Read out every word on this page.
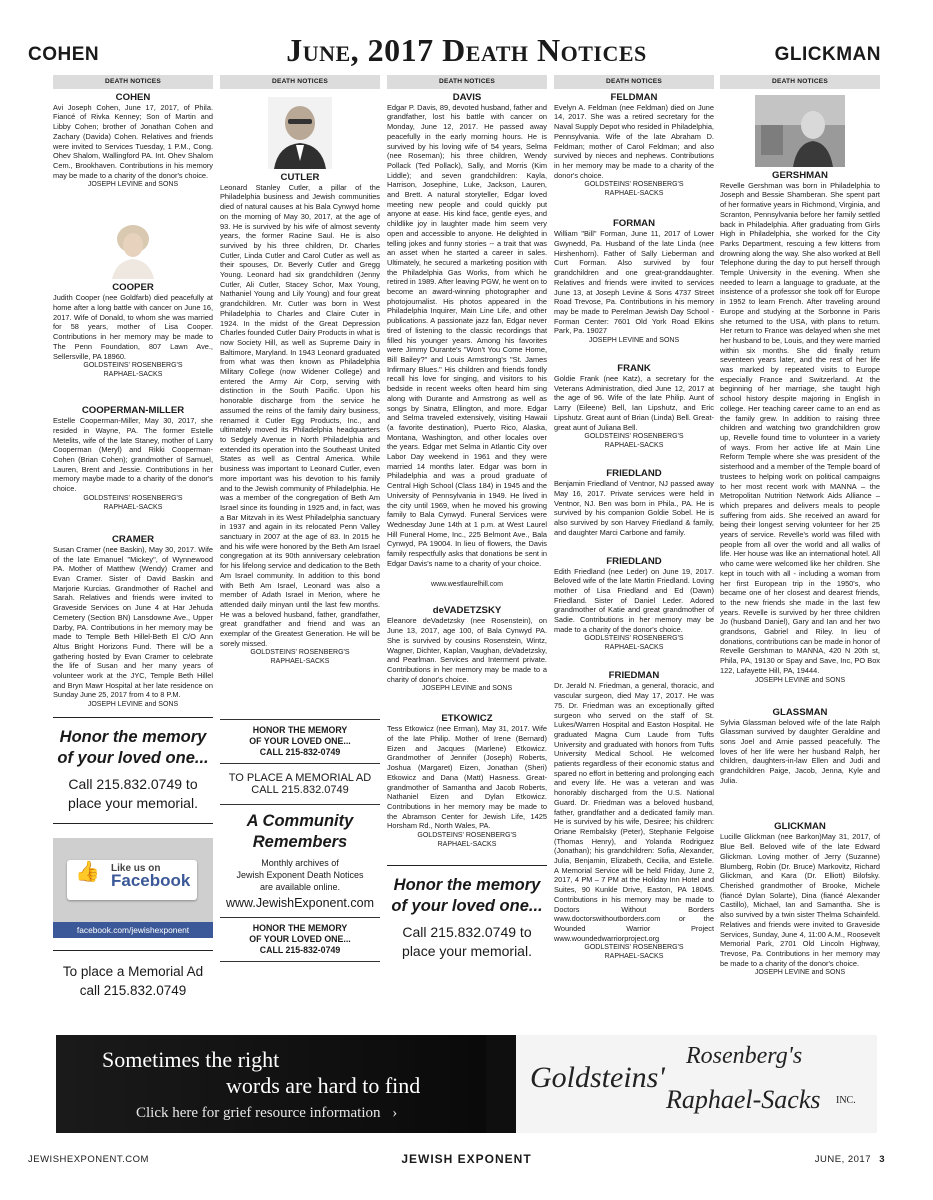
COHEN	June, 2017 Death Notices	GLICKMAN
DEATH NOTICES
COHEN
Avi Joseph Cohen, June 17, 2017, of Phila. Fiancé of Rivka Kenney; Son of Martin and Libby Cohen; brother of Jonathan Cohen and Zachary (Davida) Cohen. Relatives and friends were invited to Services Tuesday, 1 P.M., Cong. Ohev Shalom, Wallingford PA. Int. Ohev Shalom Cem., Brookhaven. Contributions in his memory may be made to a charity of the donor's choice.
JOSEPH LEVINE and SONS
COOPER
Judith Cooper (nee Goldfarb) died peacefully at home after a long battle with cancer on June 16, 2017. Wife of Donald, to whom she was married for 58 years, mother of Lisa Cooper. Contributions in her memory may be made to The Penn Foundation, 807 Lawn Ave., Sellersville, PA 18960.
GOLDSTEINS' ROSENBERG'S
RAPHAEL-SACKS
COOPERMAN-MILLER
Estelle Cooperman-Miller, May 30, 2017, she resided in Wayne, PA. The former Estelle Metelits, wife of the late Staney, mother of Larry Cooperman (Meryl) and Rikki Cooperman-Cohen (Brian Cohen); grandmother of Samuel, Lauren, Brent and Jessie. Contributions in her memory maybe made to a charity of the donor's choice.
GOLDSTEINS' ROSENBERG'S
RAPHAEL-SACKS
CRAMER
Susan Cramer (nee Baskin), May 30, 2017. Wife of the late Emanuel "Mickey", of Wynnewood PA. Mother of Matthew (Wendy) Cramer and Evan Cramer. Sister of David Baskin and Marjorie Kurcias. Grandmother of Rachel and Sarah. Relatives and friends were invited to Graveside Services on June 4 at Har Jehuda Cemetery (Section BN) Lansdowne Ave., Upper Darby, PA. Contributions in her memory may be made to Temple Beth Hillel-Beth El C/O Ann Altus Bright Horizons Fund. There will be a gathering hosted by Evan Cramer to celebrate the life of Susan and her many years of volunteer work at the JYC, Temple Beth Hillel and Bryn Mawr Hospital at her late residence on Sunday June 25, 2017 from 4 to 8 P.M.
JOSEPH LEVINE and SONS
Honor the memory
of your loved one...
Call 215.832.0749 to
place your memorial.
👍 Like us on
Facebook
facebook.com/jewishexponent
To place a Memorial Ad
call 215.832.0749
DEATH NOTICES
CUTLER
Leonard Stanley Cutler, a pillar of the Philadelphia business and Jewish communities died of natural causes at his Bala Cynwyd home on the morning of May 30, 2017, at the age of 93. He is survived by his wife of almost seventy years, the former Racine Saul. He is also survived by his three children, Dr. Charles Cutler, Linda Cutler and Carol Cutler as well as their spouses, Dr. Beverly Cutler and Gregg Young. Leonard had six grandchildren (Jenny Cutler, Ali Cutler, Stacey Schor, Max Young, Nathaniel Young and Lily Young) and four great grandchildren. Mr. Cutler was born in West Philadelphia to Charles and Claire Cuter in 1924. In the midst of the Great Depression Charles founded Cutler Dairy Products in what is now Society Hill, as well as Supreme Dairy in Baltimore, Maryland. In 1943 Leonard graduated from what was then known as Philadelphia Military College (now Widener College) and entered the Army Air Corp, serving with distinction in the South Pacific. Upon his honorable discharge from the service he assumed the reins of the family dairy business, renamed it Cutler Egg Products, Inc., and ultimately moved its Philadelphia headquarters to Sedgely Avenue in North Philadelphia and extended its operation into the Southeast United States as well as Central America. While business was important to Leonard Cutler, even more important was his devotion to his family and to the Jewish community of Philadelphia. He was a member of the congregation of Beth Am Israel since its founding in 1925 and, in fact, was a Bar Mitzvah in its West Philadelphia sanctuary in 1937 and again in its relocated Penn Valley sanctuary in 2007 at the age of 83. In 2015 he and his wife were honored by the Beth Am Israel congregation at its 90th anniversary celebration for his lifelong service and dedication to the Beth Am Israel community. In addition to this bond with Beth Am Israel, Leonard was also a member of Adath Israel in Merion, where he attended daily minyan until the last few months. He was a beloved husband, father, grandfather, great grandfather and friend and was an exemplar of the Greatest Generation. He will be sorely missed.
GOLDSTEINS' ROSENBERG'S
RAPHAEL-SACKS
HONOR THE MEMORY
OF YOUR LOVED ONE...
CALL 215-832-0749
TO PLACE A MEMORIAL AD
CALL 215.832.0749
A Community
Remembers
Monthly archives of
Jewish Exponent Death Notices
are available online.
www.JewishExponent.com
HONOR THE MEMORY
OF YOUR LOVED ONE...
CALL 215-832-0749
DEATH NOTICES
DAVIS
Edgar P. Davis, 89, devoted husband, father and grandfather, lost his battle with cancer on Monday, June 12, 2017. He passed away peacefully in the early morning hours. He is survived by his loving wife of 54 years, Selma (nee Roseman); his three children, Wendy Pollack (Ted Pollack), Sally, and Morris (Kim Liddle); and seven grandchildren: Kayla, Harrison, Josephine, Luke, Jackson, Lauren, and Brett. A natural storyteller, Edgar loved meeting new people and could quickly put anyone at ease. His kind face, gentle eyes, and childlike joy in laughter made him seem very open and accessible to anyone. He delighted in telling jokes and funny stories -- a trait that was an asset when he started a career in sales. Ultimately, he secured a marketing position with the Philadelphia Gas Works, from which he retired in 1989. After leaving PGW, he went on to become an award-winning photographer and photojournalist. His photos appeared in the Philadelphia Inquirer, Main Line Life, and other publications. A passionate jazz fan, Edgar never tired of listening to the classic recordings that filled his younger years. Among his favorites were Jimmy Durante's "Won't You Come Home, Bill Bailey?" and Louis Armstrong's "St. James Infirmary Blues." His children and friends fondly recall his love for singing, and visitors to his bedside in recent weeks often heard him sing along with Durante and Armstrong as well as songs by Sinatra, Ellington, and more. Edgar and Selma traveled extensively, visiting Hawaii (a favorite destination), Puerto Rico, Alaska, Montana, Washington, and other locales over the years. Edgar met Selma in Atlantic City over Labor Day weekend in 1961 and they were married 14 months later. Edgar was born in Philadelphia and was a proud graduate of Central High School (Class 184) in 1945 and the University of Pennsylvania in 1949. He lived in the city until 1969, when he moved his growing family to Bala Cynwyd. Funeral Services were Wednesday June 14th at 1 p.m. at West Laurel Hill Funeral Home, Inc., 225 Belmont Ave., Bala Cynwyd, PA 19004. In lieu of flowers, the Davis family respectfully asks that donations be sent in Edgar Davis's name to a charity of your choice.
www.westlaurelhill.com
deVADETZSKY
Eleanore deVadetzsky (nee Rosenstein), on June 13, 2017, age 100, of Bala Cynwyd PA. She is survived by cousins Rosenstein, Wintz, Wagner, Dichter, Kaplan, Vaughan, deVadetzsky, and Pearlman. Services and Interment private. Contributions in her memory may be made to a charity of donor's choice.
JOSEPH LEVINE and SONS
ETKOWICZ
Tess Etkowicz (nee Erman), May 31, 2017. Wife of the late Philip. Mother of Irene (Bernard) Eizen and Jacques (Marlene) Etkowicz. Grandmother of Jennifer (Joseph) Roberts, Joshua (Margaret) Eizen, Jonathan (Sheri) Etkowicz and Dana (Matt) Hasness. Great-grandmother of Samantha and Jacob Roberts, Nathaniel Eizen and Dylan Etkowicz. Contributions in her memory may be made to the Abramson Center for Jewish Life, 1425 Horsham Rd., North Wales, PA.
GOLDSTEINS' ROSENBERG'S
RAPHAEL-SACKS
Honor the memory
of your loved one...
Call 215.832.0749 to
place your memorial.
DEATH NOTICES
FELDMAN
Evelyn A. Feldman (nee Feldman) died on June 14, 2017. She was a retired secretary for the Naval Supply Depot who resided in Philadelphia, Pennsylvania. Wife of the late Abraham D. Feldman; mother of Carol Feldman; and also survived by nieces and nephews. Contributions in her memory may be made to a charity of the donor's choice.
GOLDSTEINS' ROSENBERG'S
RAPHAEL-SACKS
FORMAN
William "Bill" Forman, June 11, 2017 of Lower Gwynedd, Pa. Husband of the late Linda (nee Hirshenhorn). Father of Sally Lieberman and Curt Forman. Also survived by four grandchildren and one great-granddaughter. Relatives and friends were invited to services June 13, at Joseph Levine & Sons 4737 Street Road Trevose, Pa. Contributions in his memory may be made to Perelman Jewish Day School - Forman Center: 7601 Old York Road Elkins Park, Pa. 19027
JOSEPH LEVINE and SONS
FRANK
Goldie Frank (nee Katz), a secretary for the Veterans Administration, died June 12, 2017 at the age of 96. Wife of the late Philip. Aunt of Larry (Eileene) Bell, Ian Lipshutz, and Eric Lipshutz. Great aunt of Brian (Linda) Bell. Great-great aunt of Juliana Bell.
GOLDSTEINS' ROSENBERG'S
RAPHAEL-SACKS
FRIEDLAND
Benjamin Friedland of Ventnor, NJ passed away May 16, 2017. Private services were held in Ventnor, NJ. Ben was born in Phila., PA. He is survived by his companion Goldie Sobel. He is also survived by son Harvey Friedland & family, and daughter Marci Carbone and family.
FRIEDLAND
Edith Friedland (nee Leder) on June 19, 2017. Beloved wife of the late Martin Friedland. Loving mother of Lisa Friedland and Ed (Dawn) Friedland. Sister of Daniel Leder. Adored grandmother of Katie and great grandmother of Sadie. Contributions in her memory may be made to a charity of the donor's choice.
GODLSTEINS' ROSENBERG'S
RAPHAEL-SACKS
FRIEDMAN
Dr. Jerald N. Friedman, a general, thoracic, and vascular surgeon, died May 17, 2017. He was 75. Dr. Friedman was an exceptionally gifted surgeon who served on the staff of St. Lukes/Warren Hospital and Easton Hospital. He graduated Magna Cum Laude from Tufts University and graduated with honors from Tufts University Medical School. He welcomed patients regardless of their economic status and spared no effort in bettering and prolonging each and every life. He was a veteran and was honorably discharged from the U.S. National Guard. Dr. Friedman was a beloved husband, father, grandfather and a dedicated family man. He is survived by his wife, Desiree; his children: Oriane Rembalsky (Peter), Stephanie Felgoise (Thomas Henry), and Yolanda Rodriguez (Jonathan); his grandchildren: Sofia, Alexander, Julia, Benjamin, Elizabeth, Cecilia, and Estelle. A Memorial Service will be held Friday, June 2, 2017, 4 PM – 7 PM at the Holiday Inn Hotel and Suites, 90 Kunkle Drive, Easton, PA 18045. Contributions in his memory may be made to Doctors Without Borders www.doctorswithoutborders.com or the Wounded Warrior Project www.woundedwarriorproject.org
GODLSTEINS' ROSENBERG'S
RAPHAEL-SACKS
DEATH NOTICES
GERSHMAN
Revelle Gershman was born in Philadelphia to Joseph and Bessie Shamberan. She spent part of her formative years in Richmond, Virginia, and Scranton, Pennsylvania before her family settled back in Philadelphia. After graduating from Girls High in Philadelphia, she worked for the City Parks Department, rescuing a few kittens from drowning along the way. She also worked at Bell Telephone during the day to put herself through Temple University in the evening. When she needed to learn a language to graduate, at the insistence of a professor she took off for Europe in 1952 to learn French. After traveling around Europe and studying at the Sorbonne in Paris she returned to the USA, with plans to return. Her return to France was delayed when she met her husband to be, Louis, and they were married within six months. She did finally return seventeen years later, and the rest of her life was marked by repeated visits to Europe especially France and Switzerland. At the beginning of her marriage, she taught high school history despite majoring in English in college. Her teaching career came to an end as the family grew. In addition to raising three children and watching two grandchildren grow up, Revelle found time to volunteer in a variety of ways. From her active life at Main Line Reform Temple where she was president of the sisterhood and a member of the Temple board of trustees to helping work on political campaigns to her most recent work with MANNA – the Metropolitan Nutrition Network Aids Alliance – which prepares and delivers meals to people suffering from aids. She received an award for being their longest serving volunteer for her 25 years of service. Revelle's world was filled with people from all over the world and all walks of life. Her house was like an international hotel. All who came were welcomed like her children. She kept in touch with all - including a woman from her first European trip in the 1950's, who became one of her closest and dearest friends, to the new friends she made in the last few years. Revelle is survived by her three children Jo (husband Daniel), Gary and Ian and her two grandsons, Gabriel and Riley. In lieu of donations, contributions can be made in honor of Revelle Gershman to MANNA, 420 N 20th st, Phila, PA, 19130 or Spay and Save, Inc, PO Box 122, Lafayette Hill, PA, 19444.
JOSEPH LEVINE and SONS
GLASSMAN
Sylvia Glassman beloved wife of the late Ralph Glassman survived by daughter Geraldine and sons Joel and Arnie passed peacefully. The loves of her life were her husband Ralph, her children, daughters-in-law Ellen and Judi and grandchildren Paige, Jacob, Jenna, Kyle and Julia.
GLICKMAN
Lucille Glickman (nee Barkon)May 31, 2017, of Blue Bell. Beloved wife of the late Edward Glickman. Loving mother of Jerry (Suzanne) Blumberg, Robin (Dr. Bruce) Markovitz, Richard Glickman, and Kara (Dr. Elliott) Bilofsky. Cherished grandmother of Brooke, Michele (fiancé Dylan Solarte), Dina (fiancé Alexander Castillo), Michael, Ian and Samantha. She is also survived by a twin sister Thelma Schainfeld. Relatives and friends were invited to Graveside Services, Sunday, June 4, 11:00 A.M., Roosevelt Memorial Park, 2701 Old Lincoln Highway, Trevose, Pa. Contributions in her memory may be made to a charity of the donor's choice.
JOSEPH LEVINE and SONS
Sometimes the right
words are hard to find
Click here for grief resource information ›
Goldsteins'
Rosenberg's
Raphael-Sacks INC.
JEWISHEXPONENT.COM	JEWISH EXPONENT	JUNE, 2017 3
